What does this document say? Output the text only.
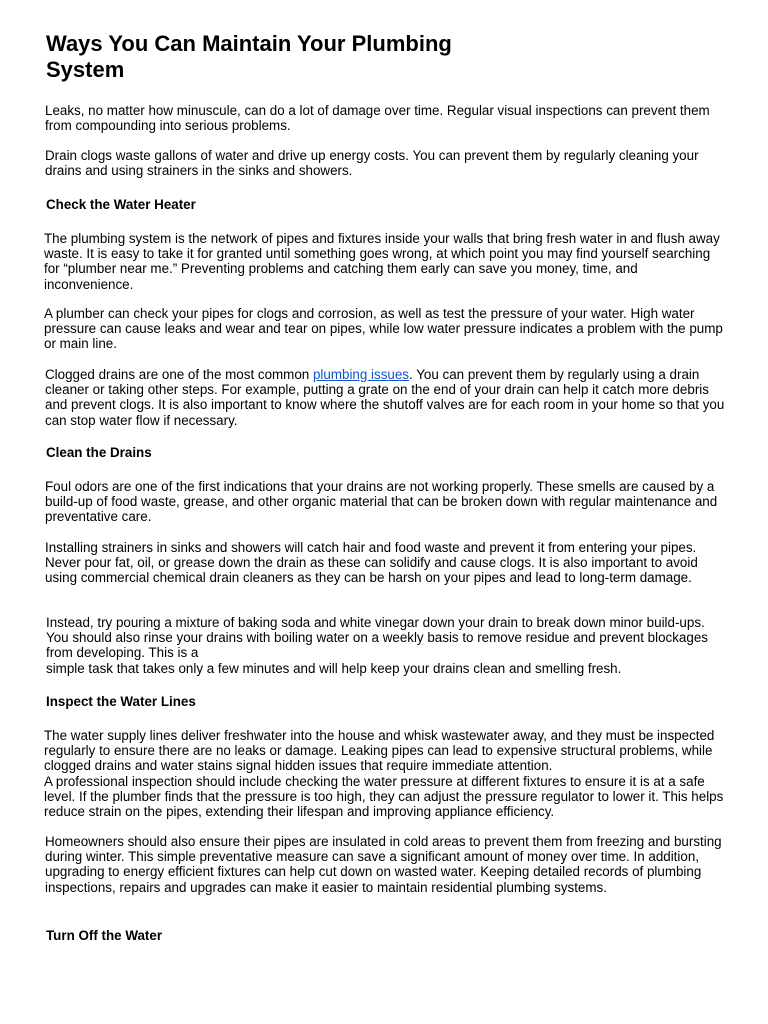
Ways You Can Maintain Your Plumbing System

Leaks, no matter how minuscule, can do a lot of damage over time. Regular visual inspections can prevent them from compounding into serious problems.

Drain clogs waste gallons of water and drive up energy costs. You can prevent them by regularly cleaning your drains and using strainers in the sinks and showers.

Check the Water Heater

The plumbing system is the network of pipes and fixtures inside your walls that bring fresh water in and flush away waste. It is easy to take it for granted until something goes wrong, at which point you may find yourself searching for “plumber near me.” Preventing problems and catching them early can save you money, time, and inconvenience.

A plumber can check your pipes for clogs and corrosion, as well as test the pressure of your water. High water pressure can cause leaks and wear and tear on pipes, while low water pressure indicates a problem with the pump or main line.

Clogged drains are one of the most common plumbing issues. You can prevent them by regularly using a drain cleaner or taking other steps. For example, putting a grate on the end of your drain can help it catch more debris and prevent clogs. It is also important to know where the shutoff valves are for each room in your home so that you can stop water flow if necessary.

Clean the Drains

Foul odors are one of the first indications that your drains are not working properly. These smells are caused by a build-up of food waste, grease, and other organic material that can be broken down with regular maintenance and preventative care.

Installing strainers in sinks and showers will catch hair and food waste and prevent it from entering your pipes. Never pour fat, oil, or grease down the drain as these can solidify and cause clogs. It is also important to avoid using commercial chemical drain cleaners as they can be harsh on your pipes and lead to long-term damage.

Instead, try pouring a mixture of baking soda and white vinegar down your drain to break down minor build-ups. You should also rinse your drains with boiling water on a weekly basis to remove residue and prevent blockages from developing. This is a
simple task that takes only a few minutes and will help keep your drains clean and smelling fresh.

Inspect the Water Lines

The water supply lines deliver freshwater into the house and whisk wastewater away, and they must be inspected regularly to ensure there are no leaks or damage. Leaking pipes can lead to expensive structural problems, while clogged drains and water stains signal hidden issues that require immediate attention.
A professional inspection should include checking the water pressure at different fixtures to ensure it is at a safe level. If the plumber finds that the pressure is too high, they can adjust the pressure regulator to lower it. This helps reduce strain on the pipes, extending their lifespan and improving appliance efficiency.

Homeowners should also ensure their pipes are insulated in cold areas to prevent them from freezing and bursting during winter. This simple preventative measure can save a significant amount of money over time. In addition, upgrading to energy efficient fixtures can help cut down on wasted water. Keeping detailed records of plumbing inspections, repairs and upgrades can make it easier to maintain residential plumbing systems.

Turn Off the Water
